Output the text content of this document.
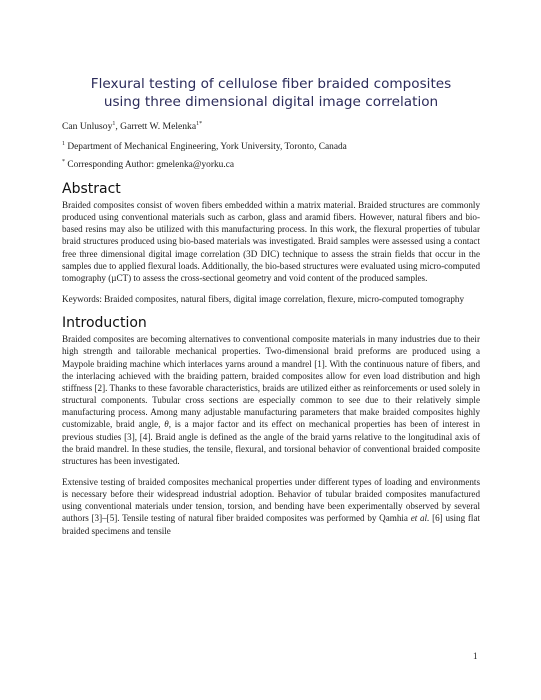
Flexural testing of cellulose fiber braided composites
using three dimensional digital image correlation
Can Unlusoy$^1$, Garrett W. Melenka$^{1*}$
$^1$ Department of Mechanical Engineering, York University, Toronto, Canada
* Corresponding Author: gmelenka@yorku.ca
Abstract

Braided composites consist of woven fibers embedded within a matrix material. Braided structures are commonly produced using conventional materials such as carbon, glass and aramid fibers. However, natural fibers and bio-based resins may also be utilized with this manufacturing process. In this work, the flexural properties of tubular braid structures produced using bio-based materials was investigated. Braid samples were assessed using a contact free three dimensional digital image correlation (3D DIC) technique to assess the strain fields that occur in the samples due to applied flexural loads. Additionally, the bio-based structures were evaluated using micro-computed tomography (µCT) to assess the cross-sectional geometry and void content of the produced samples.

Keywords: Braided composites, natural fibers, digital image correlation, flexure, micro-computed tomography

Introduction

Braided composites are becoming alternatives to conventional composite materials in many industries due to their high strength and tailorable mechanical properties. Two-dimensional braid preforms are produced using a Maypole braiding machine which interlaces yarns around a mandrel [1]. With the continuous nature of fibers, and the interlacing achieved with the braiding pattern, braided composites allow for even load distribution and high stiffness [2]. Thanks to these favorable characteristics, braids are utilized either as reinforcements or used solely in structural components. Tubular cross sections are especially common to see due to their relatively simple manufacturing process. Among many adjustable manufacturing parameters that make braided composites highly customizable, braid angle, θ, is a major factor and its effect on mechanical properties has been of interest in previous studies [3], [4]. Braid angle is defined as the angle of the braid yarns relative to the longitudinal axis of the braid mandrel. In these studies, the tensile, flexural, and torsional behavior of conventional braided composite structures has been investigated.

Extensive testing of braided composites mechanical properties under different types of loading and environments is necessary before their widespread industrial adoption. Behavior of tubular braided composites manufactured using conventional materials under tension, torsion, and bending have been experimentally observed by several authors [3]–[5]. Tensile testing of natural fiber braided composites was performed by Qamhia et al. [6] using flat braided specimens and tensile

1
